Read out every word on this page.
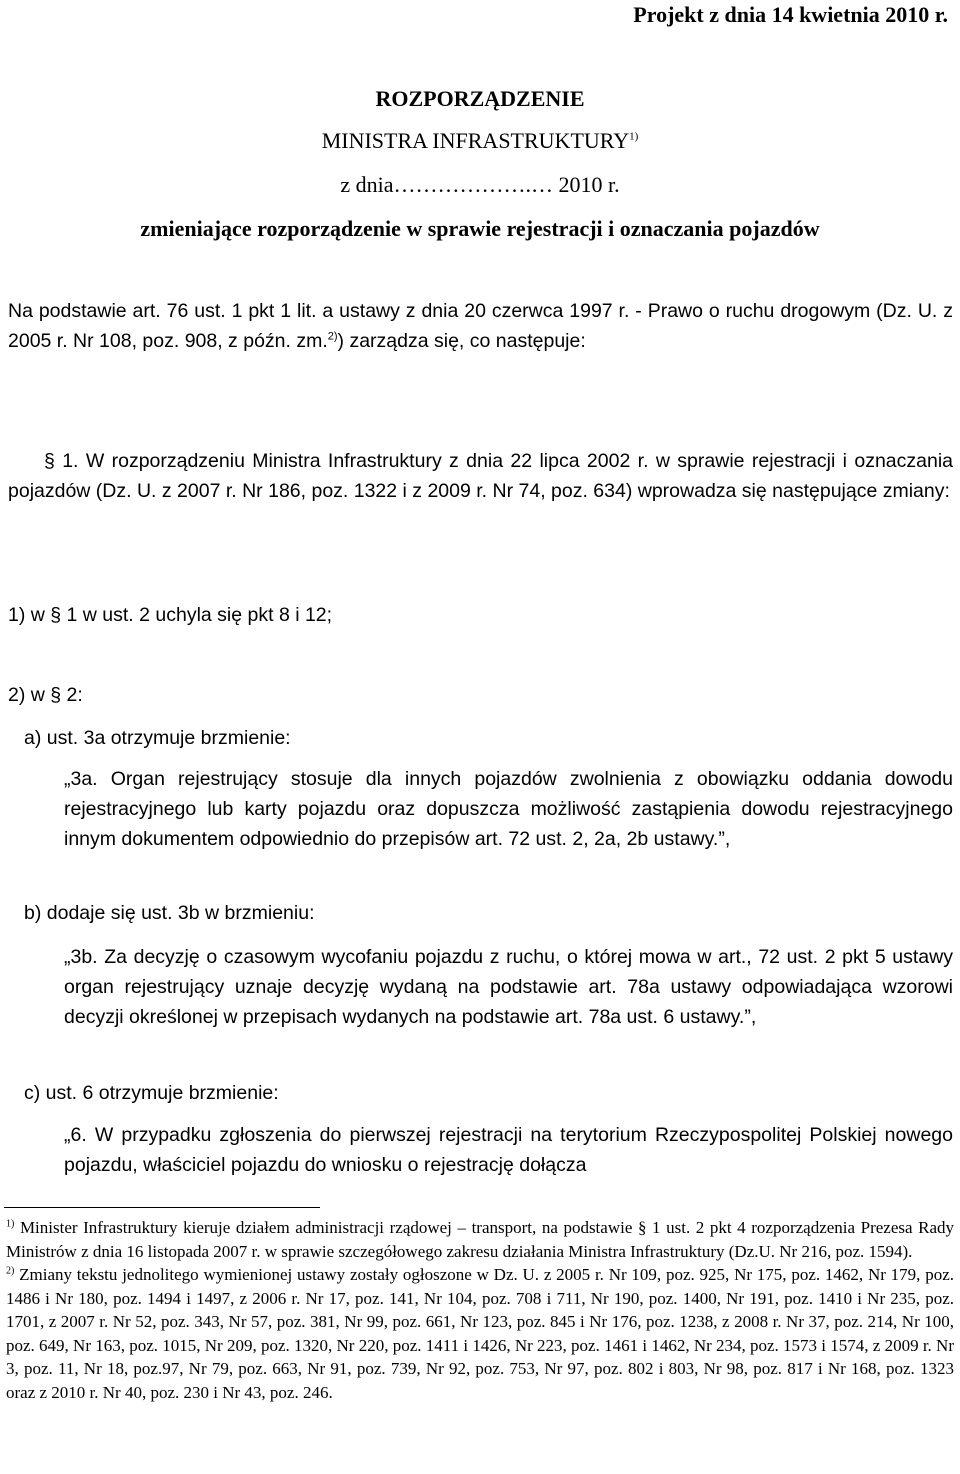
Projekt z dnia 14 kwietnia 2010 r.
ROZPORZĄDZENIE
MINISTRA INFRASTRUKTURY$^{1)}$
z dnia……………….… 2010 r.
zmieniające rozporządzenie w sprawie rejestracji i oznaczania pojazdów
Na podstawie art. 76 ust. 1 pkt 1 lit. a ustawy z dnia 20 czerwca 1997 r. - Prawo o ruchu drogowym (Dz. U. z 2005 r. Nr 108, poz. 908, z późn. zm.$^{2)}$) zarządza się, co następuje:
§ 1. W rozporządzeniu Ministra Infrastruktury z dnia 22 lipca 2002 r. w sprawie rejestracji i oznaczania pojazdów (Dz. U. z 2007 r. Nr 186, poz. 1322 i z 2009 r. Nr 74, poz. 634) wprowadza się następujące zmiany:
1) w § 1 w ust. 2 uchyla się pkt 8 i 12;
2) w § 2:
a) ust. 3a otrzymuje brzmienie:
„3a. Organ rejestrujący stosuje dla innych pojazdów zwolnienia z obowiązku oddania dowodu rejestracyjnego lub karty pojazdu oraz dopuszcza możliwość zastąpienia dowodu rejestracyjnego innym dokumentem odpowiednio do przepisów art. 72 ust. 2, 2a, 2b ustawy.”,
b) dodaje się ust. 3b w brzmieniu:
„3b. Za decyzję o czasowym wycofaniu pojazdu z ruchu, o której mowa w art., 72 ust. 2 pkt 5 ustawy organ rejestrujący uznaje decyzję wydaną na podstawie art. 78a ustawy odpowiadająca wzorowi decyzji określonej w przepisach wydanych na podstawie art. 78a ust. 6 ustawy.”,
c) ust. 6 otrzymuje brzmienie:
„6. W przypadku zgłoszenia do pierwszej rejestracji na terytorium Rzeczypospolitej Polskiej nowego pojazdu, właściciel pojazdu do wniosku o rejestrację dołącza

$^{1)}$ Minister Infrastruktury kieruje działem administracji rządowej – transport, na podstawie § 1 ust. 2 pkt 4 rozporządzenia Prezesa Rady Ministrów z dnia 16 listopada 2007 r. w sprawie szczegółowego zakresu działania Ministra Infrastruktury (Dz.U. Nr 216, poz. 1594).

$^{2)}$ Zmiany tekstu jednolitego wymienionej ustawy zostały ogłoszone w Dz. U. z 2005 r. Nr 109, poz. 925, Nr 175, poz. 1462, Nr 179, poz. 1486 i Nr 180, poz. 1494 i 1497, z 2006 r. Nr 17, poz. 141, Nr 104, poz. 708 i 711, Nr 190, poz. 1400, Nr 191, poz. 1410 i Nr 235, poz. 1701, z 2007 r. Nr 52, poz. 343, Nr 57, poz. 381, Nr 99, poz. 661, Nr 123, poz. 845 i Nr 176, poz. 1238, z 2008 r. Nr 37, poz. 214, Nr 100, poz. 649, Nr 163, poz. 1015, Nr 209, poz. 1320, Nr 220, poz. 1411 i 1426, Nr 223, poz. 1461 i 1462, Nr 234, poz. 1573 i 1574, z 2009 r. Nr 3, poz. 11, Nr 18, poz.97, Nr 79, poz. 663, Nr 91, poz. 739, Nr 92, poz. 753, Nr 97, poz. 802 i 803, Nr 98, poz. 817 i Nr 168, poz. 1323 oraz z 2010 r. Nr 40, poz. 230 i Nr 43, poz. 246.
